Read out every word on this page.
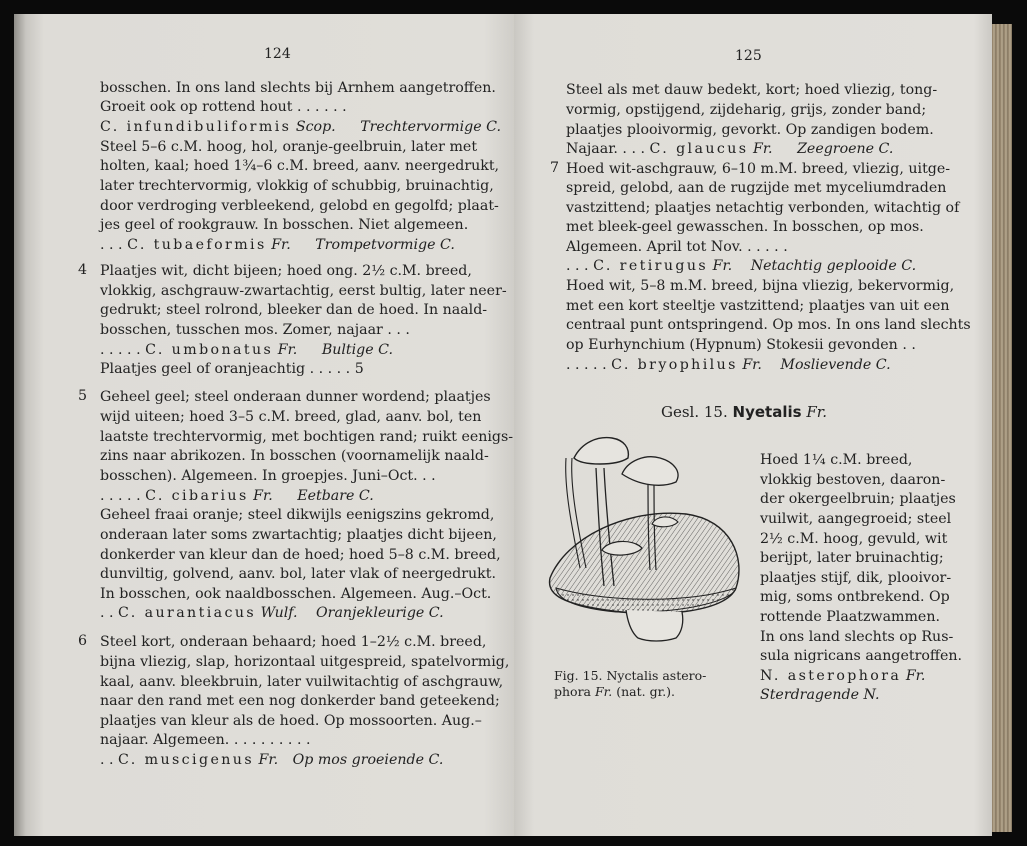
124
bosschen. In ons land slechts bij Arnhem aangetroffen.
Groeit ook op rottend hout . . . . . .
C. infundibuliformis Scop. Trechtervormige C.
Steel 5–6 c.M. hoog, hol, oranje-geelbruin, later met
holten, kaal; hoed 1¾–6 c.M. breed, aanv. neergedrukt,
later trechtervormig, vlokkig of schubbig, bruinachtig,
door verdroging verbleekend, gelobd en gegolfd; plaat-
jes geel of rookgrauw. In bosschen. Niet algemeen.
. . . C. tubaeformis Fr. Trompetvormige C.
4 Plaatjes wit, dicht bijeen; hoed ong. 2½ c.M. breed,
vlokkig, aschgrauw-zwartachtig, eerst bultig, later neer-
gedrukt; steel rolrond, bleeker dan de hoed. In naald-
bosschen, tusschen mos. Zomer, najaar . . .
. . . . . C. umbonatus Fr. Bultige C.
Plaatjes geel of oranjeachtig . . . . . 5
5 Geheel geel; steel onderaan dunner wordend; plaatjes
wijd uiteen; hoed 3–5 c.M. breed, glad, aanv. bol, ten
laatste trechtervormig, met bochtigen rand; ruikt eenigs-
zins naar abrikozen. In bosschen (voornamelijk naald-
bosschen). Algemeen. In groepjes. Juni–Oct. . .
. . . . . C. cibarius Fr. Eetbare C.
Geheel fraai oranje; steel dikwijls eenigszins gekromd,
onderaan later soms zwartachtig; plaatjes dicht bijeen,
donkerder van kleur dan de hoed; hoed 5–8 c.M. breed,
dunviltig, golvend, aanv. bol, later vlak of neergedrukt.
In bosschen, ook naaldbosschen. Algemeen. Aug.–Oct.
. . C. aurantiacus Wulf. Oranjekleurige C.
6 Steel kort, onderaan behaard; hoed 1–2½ c.M. breed,
bijna vliezig, slap, horizontaal uitgespreid, spatelvormig,
kaal, aanv. bleekbruin, later vuilwitachtig of aschgrauw,
naar den rand met een nog donkerder band geteekend;
plaatjes van kleur als de hoed. Op mossoorten. Aug.–
najaar. Algemeen. . . . . . . . . .
. . C. muscigenus Fr. Op mos groeiende C.
125
Steel als met dauw bedekt, kort; hoed vliezig, tong-
vormig, opstijgend, zijdeharig, grijs, zonder band;
plaatjes plooivormig, gevorkt. Op zandigen bodem.
Najaar. . . . C. glaucus Fr. Zeegroene C.
7 Hoed wit-aschgrauw, 6–10 m.M. breed, vliezig, uitge-
spreid, gelobd, aan de rugzijde met myceliumdraden
vastzittend; plaatjes netachtig verbonden, witachtig of
met bleek-geel gewasschen. In bosschen, op mos.
Algemeen. April tot Nov. . . . . .
. . . C. retirugus Fr. Netachtig geplooide C.
Hoed wit, 5–8 m.M. breed, bijna vliezig, bekervormig,
met een kort steeltje vastzittend; plaatjes van uit een
centraal punt ontspringend. Op mos. In ons land slechts
op Eurhynchium (Hypnum) Stokesii gevonden . .
. . . . . C. bryophilus Fr. Moslievende C.
Gesl. 15. Nyetalis Fr.
Fig. 15. Nyctalis astero-
phora Fr. (nat. gr.).
Hoed 1¼ c.M. breed,
vlokkig bestoven, daaron-
der okergeelbruin; plaatjes
vuilwit, aangegroeid; steel
2½ c.M. hoog, gevuld, wit
berijpt, later bruinachtig;
plaatjes stijf, dik, plooivor-
mig, soms ontbrekend. Op
rottende Plaatzwammen.
In ons land slechts op Rus-
sula nigricans aangetroffen.
N. asterophora Fr.
Sterdragende N.
